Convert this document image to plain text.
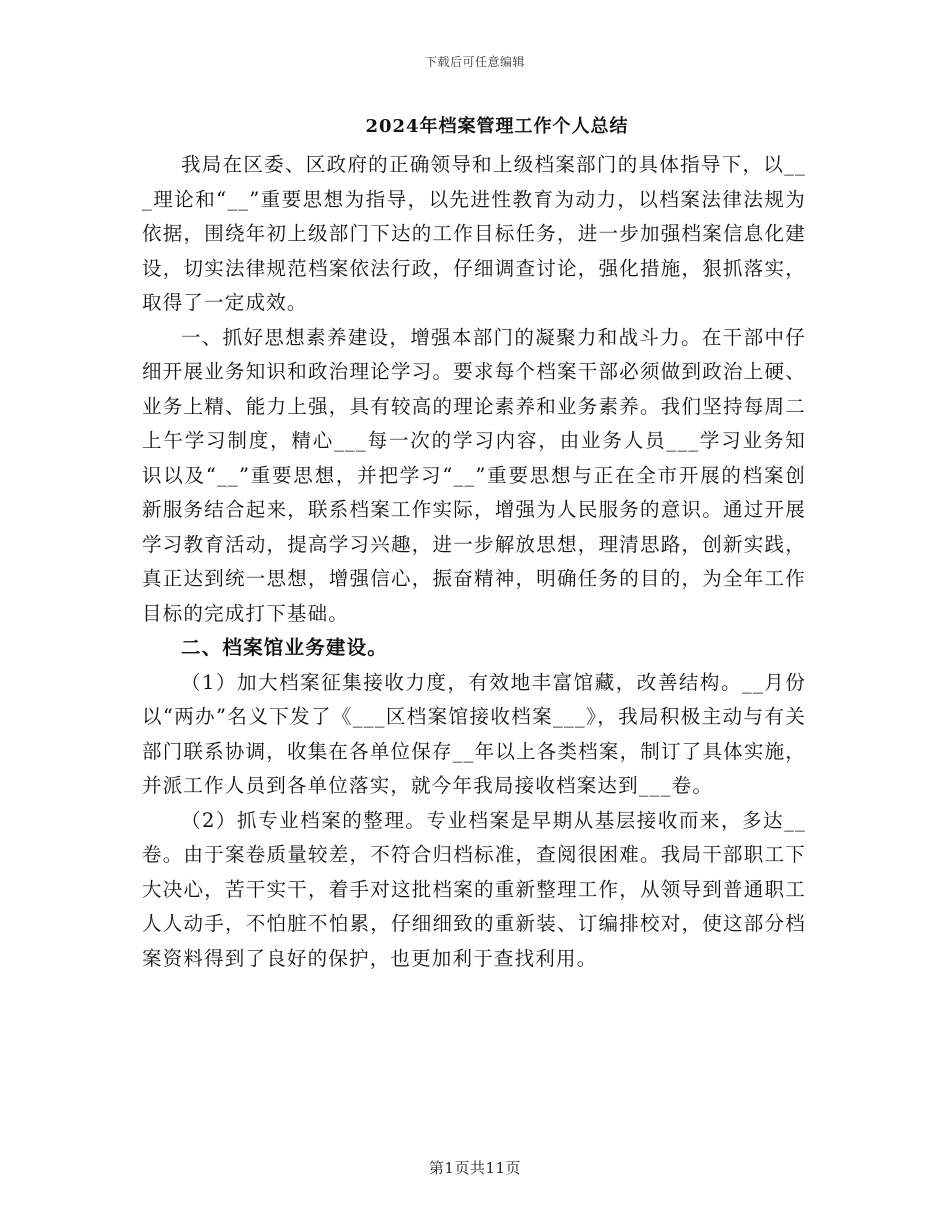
下载后可任意编辑
2024年档案管理工作个人总结

我局在区委、区政府的正确领导和上级档案部门的具体指导下，以___理论和“__”重要思想为指导，以先进性教育为动力，以档案法律法规为依据，围绕年初上级部门下达的工作目标任务，进一步加强档案信息化建设，切实法律规范档案依法行政，仔细调查讨论，强化措施，狠抓落实，取得了一定成效。

一、抓好思想素养建设，增强本部门的凝聚力和战斗力。在干部中仔细开展业务知识和政治理论学习。要求每个档案干部必须做到政治上硬、业务上精、能力上强，具有较高的理论素养和业务素养。我们坚持每周二上午学习制度，精心___每一次的学习内容，由业务人员___学习业务知识以及“__”重要思想，并把学习“__”重要思想与正在全市开展的档案创新服务结合起来，联系档案工作实际，增强为人民服务的意识。通过开展学习教育活动，提高学习兴趣，进一步解放思想，理清思路，创新实践，真正达到统一思想，增强信心，振奋精神，明确任务的目的，为全年工作目标的完成打下基础。

二、档案馆业务建设。

（1）加大档案征集接收力度，有效地丰富馆藏，改善结构。__月份以“两办”名义下发了《___区档案馆接收档案___》，我局积极主动与有关部门联系协调，收集在各单位保存__年以上各类档案，制订了具体实施，并派工作人员到各单位落实，就今年我局接收档案达到___卷。

（2）抓专业档案的整理。专业档案是早期从基层接收而来，多达__卷。由于案卷质量较差，不符合归档标准，查阅很困难。我局干部职工下大决心，苦干实干，着手对这批档案的重新整理工作，从领导到普通职工人人动手，不怕脏不怕累，仔细细致的重新装、订编排校对，使这部分档案资料得到了良好的保护，也更加利于查找利用。

第1页共11页
